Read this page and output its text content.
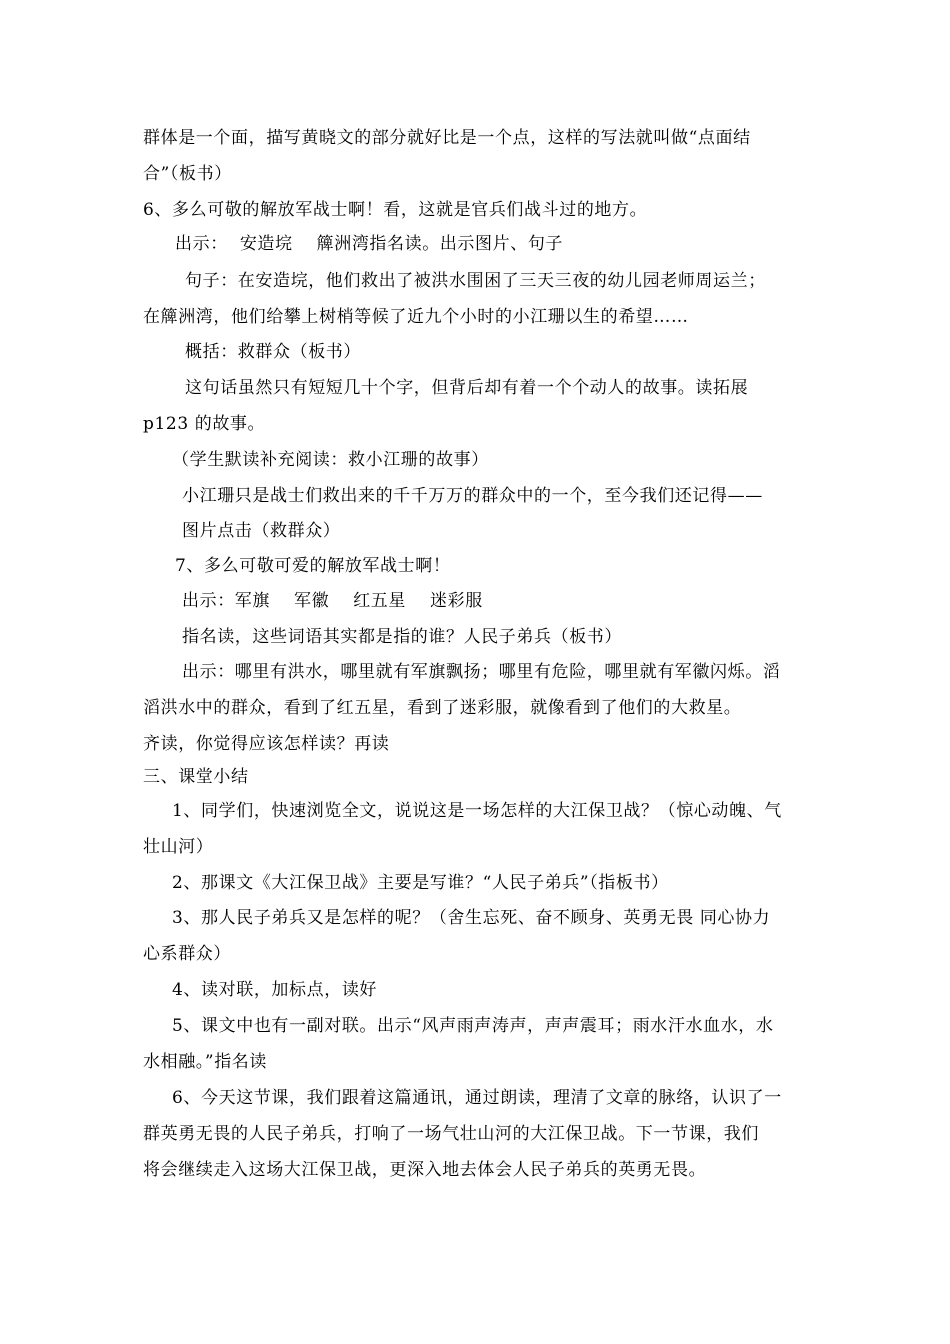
群体是一个面，描写黄晓文的部分就好比是一个点，这样的写法就叫做“点面结
合”（板书）
6、多么可敬的解放军战士啊！看，这就是官兵们战斗过的地方。
出示： 安造垸 簰洲湾指名读。出示图片、句子
句子：在安造垸，他们救出了被洪水围困了三天三夜的幼儿园老师周运兰；
在簰洲湾，他们给攀上树梢等候了近九个小时的小江珊以生的希望……
概括：救群众（板书）
这句话虽然只有短短几十个字，但背后却有着一个个动人的故事。读拓展
p123 的故事。
（学生默读补充阅读：救小江珊的故事）
小江珊只是战士们救出来的千千万万的群众中的一个，至今我们还记得——
图片点击（救群众）
7、多么可敬可爱的解放军战士啊！
出示：军旗 军徽 红五星 迷彩服
指名读，这些词语其实都是指的谁？人民子弟兵（板书）
出示：哪里有洪水，哪里就有军旗飘扬；哪里有危险，哪里就有军徽闪烁。滔
滔洪水中的群众，看到了红五星，看到了迷彩服，就像看到了他们的大救星。
齐读，你觉得应该怎样读？再读
三、课堂小结
1、同学们，快速浏览全文，说说这是一场怎样的大江保卫战？（惊心动魄、气
壮山河）
2、那课文《大江保卫战》主要是写谁？“人民子弟兵”（指板书）
3、那人民子弟兵又是怎样的呢？（舍生忘死、奋不顾身、英勇无畏 同心协力
心系群众）
4、读对联，加标点，读好
5、课文中也有一副对联。出示“风声雨声涛声，声声震耳；雨水汗水血水，水
水相融。”指名读
6、今天这节课，我们跟着这篇通讯，通过朗读，理清了文章的脉络，认识了一
群英勇无畏的人民子弟兵，打响了一场气壮山河的大江保卫战。下一节课，我们
将会继续走入这场大江保卫战，更深入地去体会人民子弟兵的英勇无畏。
